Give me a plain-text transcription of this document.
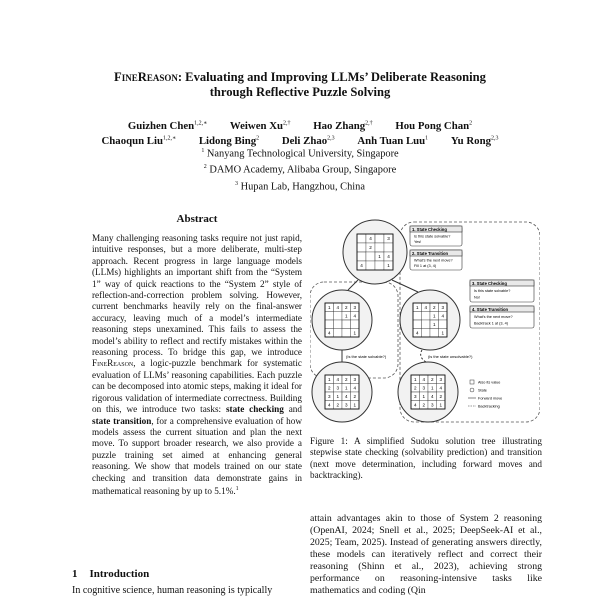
FineReason: Evaluating and Improving LLMs’ Deliberate Reasoning
through Reflective Puzzle Solving
Guizhen Chen$^{1,2,∗}$ Weiwen $Xu^{2,\dagger}$ Hao Zhang$^{2,\dagger}$ Hou Pong Chan$^2$
Chaoqun Liu$^{1,2,∗}$ Lidong Bing$^2$ Deli Zhao$^{2,3}$ Anh Tuan Luu$^1$ Yu Rong$^{2,3}$
$^1$ Nanyang Technological University, Singapore
$^2$ DAMO Academy, Alibaba Group, Singapore
$^3$ Hupan Lab, Hangzhou, China
Abstract
Many challenging reasoning tasks require not just rapid, intuitive responses, but a more deliberate, multi-step approach. Recent progress in large language models (LLMs) highlights an important shift from the “System 1” way of quick reactions to the “System 2” style of reflection-and-correction problem solving. However, current benchmarks heavily rely on the final-answer accuracy, leaving much of a model’s intermediate reasoning steps unexamined. This fails to assess the model’s ability to reflect and rectify mistakes within the reasoning process. To bridge this gap, we introduce FineReason, a logic-puzzle benchmark for systematic evaluation of LLMs’ reasoning capabilities. Each puzzle can be decomposed into atomic steps, making it ideal for rigorous validation of intermediate correctness. Building on this, we introduce two tasks: state checking and state transition, for a comprehensive evaluation of how models assess the current situation and plan the next move. To support broader research, we also provide a puzzle training set aimed at enhancing general reasoning. We show that models trained on our state checking and transition data demonstrate gains in mathematical reasoning by up to 5.1%.$^1$
1 Introduction
In cognitive science, human reasoning is typically
4	3
2
1 4
4	1
1 4 2 3
1 4
4	1
1 4 2 3
1 4
1
4	1
1 4 2 3
2 3 1 4
3 1 4 2
4 2 3 1
1 4 2 3
2 3 1 4
3 1 4 2
4 2 3 1
(Is the state solvable?)	(is the state unsolvable?)
1. State Checking
Is this state solvable?
Yes!
2. State Transition
What’s the next move?
Fill 1 at (3, 4)
3. State Checking
Is this state solvable?
No!
4. State Transition
What’s the next move?
Backtrack 1 at (3, 4)
Also its value
State
Forward move
Backtracking
Figure 1: A simplified Sudoku solution tree illustrating stepwise state checking (solvability prediction) and transition (next move determination, including forward moves and backtracking).
attain advantages akin to those of System 2 reasoning (OpenAI, 2024; Snell et al., 2025; DeepSeek-AI et al., 2025; Team, 2025). Instead of generating answers directly, these models can iteratively reflect and correct their reasoning (Shinn et al., 2023), achieving strong performance on reasoning-intensive tasks like mathematics and coding (Qin
